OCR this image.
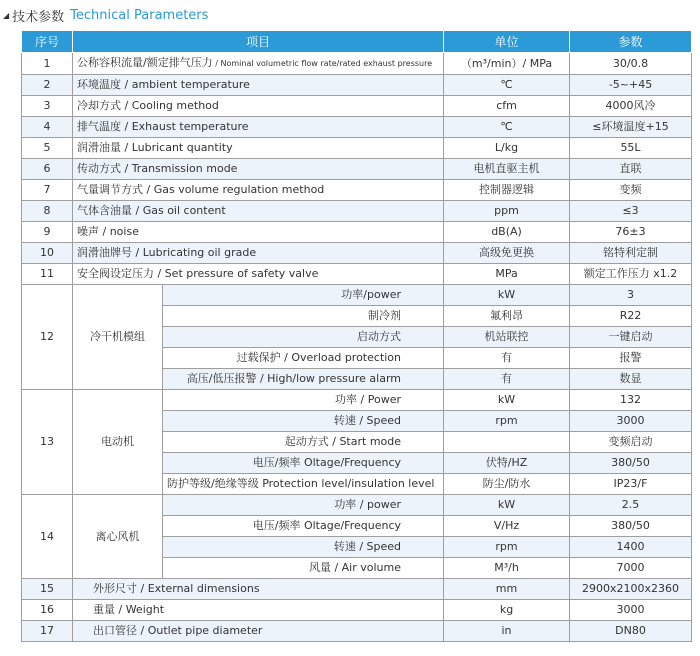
◢ 技术参数 Technical Parameters
序号	项目		单位	参数
1	公称容积流量/额定排气压力 / Nominal volumetric flow rate/rated exhaust pressure		（m³/min）/ MPa	30/0.8
2	环境温度 / ambient temperature		℃	-5~+45
3	冷却方式 / Cooling method		cfm	4000风冷
4	排气温度 / Exhaust temperature		℃	≤环境温度+15
5	润滑油量 / Lubricant quantity		L/kg	55L
6	传动方式 / Transmission mode		电机直驱主机	直联
7	气量调节方式 / Gas volume regulation method		控制器逻辑	变频
8	气体含油量 / Gas oil content		ppm	≤3
9	噪声 / noise		dB(A)	76±3
10	润滑油牌号 / Lubricating oil grade		高级免更换	铭特利定制
11	安全阀设定压力 / Set pressure of safety valve		MPa	额定工作压力 x1.2
12	冷干机模组	功率/power	kW	3
		制冷剂	氟利昂	R22
		启动方式	机站联控	一键启动
		过载保护 / Overload protection	有	报警
		高压/低压报警 / High/low pressure alarm	有	数显
13	电动机	功率 / Power	kW	132
		转速 / Speed	rpm	3000
		起动方式 / Start mode		变频启动
		电压/频率 Oltage/Frequency	伏特/HZ	380/50
		防护等级/绝缘等级 Protection level/insulation level	防尘/防水	IP23/F
14	离心风机	功率 / power	kW	2.5
		电压/频率 Oltage/Frequency	V/Hz	380/50
		转速 / Speed	rpm	1400
		风量 / Air volume	M³/h	7000
15	外形尺寸 / External dimensions		mm	2900x2100x2360
16	重量 / Weight		kg	3000
17	出口管径 / Outlet pipe diameter		in	DN80
